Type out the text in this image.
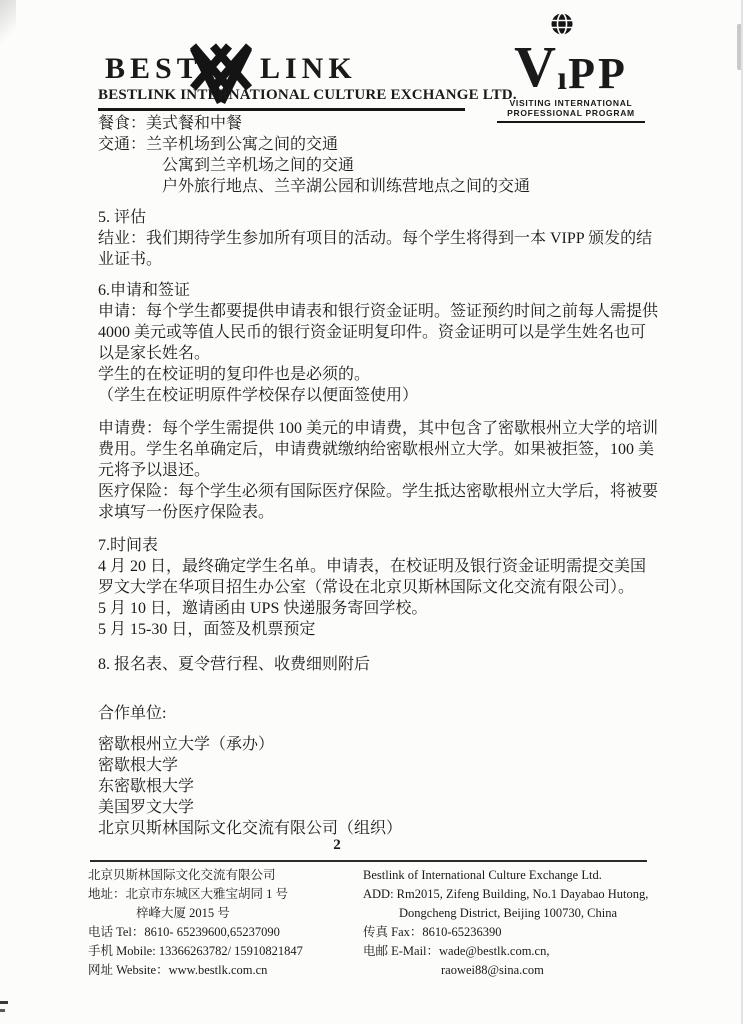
BEST LINK
BESTLINK INTERNATIONAL CULTURE EXCHANGE LTD.
V ı PP
VISITING INTERNATIONAL
PROFESSIONAL PROGRAM
餐食：美式餐和中餐
交通：兰辛机场到公寓之间的交通
公寓到兰辛机场之间的交通
户外旅行地点、兰辛湖公园和训练营地点之间的交通
5. 评估
结业：我们期待学生参加所有项目的活动。每个学生将得到一本 VIPP 颁发的结
业证书。
6.申请和签证
申请：每个学生都要提供申请表和银行资金证明。签证预约时间之前每人需提供
4000 美元或等值人民币的银行资金证明复印件。资金证明可以是学生姓名也可
以是家长姓名。
学生的在校证明的复印件也是必须的。
（学生在校证明原件学校保存以便面签使用）
申请费：每个学生需提供 100 美元的申请费，其中包含了密歇根州立大学的培训
费用。学生名单确定后，申请费就缴纳给密歇根州立大学。如果被拒签，100 美
元将予以退还。
医疗保险：每个学生必须有国际医疗保险。学生抵达密歇根州立大学后，将被要
求填写一份医疗保险表。
7.时间表
4 月 20 日，最终确定学生名单。申请表，在校证明及银行资金证明需提交美国
罗文大学在华项目招生办公室（常设在北京贝斯林国际文化交流有限公司）。
5 月 10 日，邀请函由 UPS 快递服务寄回学校。
5 月 15-30 日，面签及机票预定
8. 报名表、夏令营行程、收费细则附后
合作单位:
密歇根州立大学（承办）
密歇根大学
东密歇根大学
美国罗文大学
北京贝斯林国际文化交流有限公司（组织）
2
北京贝斯林国际文化交流有限公司
地址：北京市东城区大雅宝胡同 1 号
梓峰大厦 2015 号
电话 Tel：8610- 65239600,65237090
手机 Mobile: 13366263782/ 15910821847
网址 Website：www.bestlk.com.cn
Bestlink of International Culture Exchange Ltd.
ADD: Rm2015, Zifeng Building, No.1 Dayabao Hutong,
Dongcheng District, Beijing 100730, China
传真 Fax：8610-65236390
电邮 E-Mail：wade@bestlk.com.cn,
raowei88@sina.com
